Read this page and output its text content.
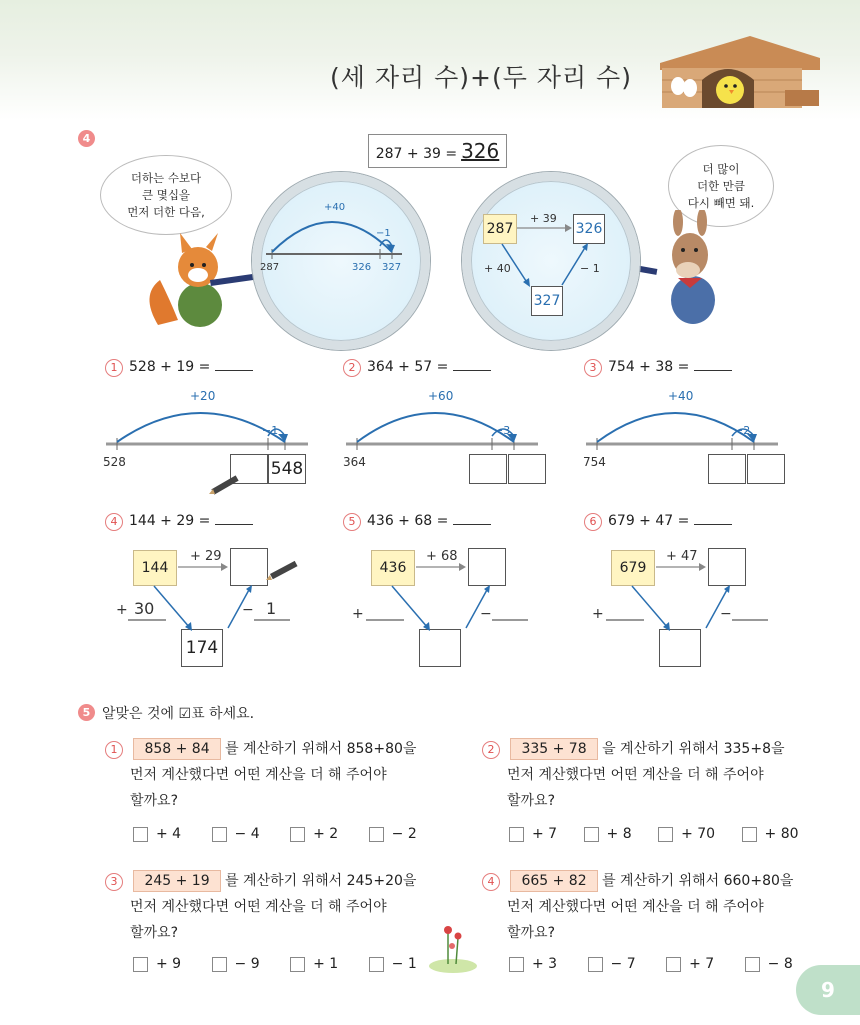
(세 자리 수)+(두 자리 수)
4
287 + 39 = 326
더하는 수보다
큰 몇십을
먼저 더한 다음,
더 많이
더한 만큼
다시 빼면 돼.
+40
−1
287	326 327
287	326
327
+ 39
+ 40	− 1
1 528 + 19 =	2 364 + 57 =	3 754 + 38 =
+20
−1
528	548
+60
−3
364
+40
−2
754
4 144 + 29 =	5 436 + 68 =	6 679 + 47 =
144
174
+ 29
+ 30	− 1
436
+ 68
+	−
679
+ 47
+	−
5 알맞은 것에 ☑표 하세요.
1 858 + 84 를 계산하기 위해서 858+80을
먼저 계산했다면 어떤 계산을 더 해 주어야
할까요?
+ 4	− 4	+ 2	− 2
2 335 + 78 을 계산하기 위해서 335+8을
먼저 계산했다면 어떤 계산을 더 해 주어야
할까요?
+ 7	+ 8	+ 70	+ 80
3 245 + 19 를 계산하기 위해서 245+20을
먼저 계산했다면 어떤 계산을 더 해 주어야
할까요?
+ 9	− 9	+ 1	− 1
4 665 + 82 를 계산하기 위해서 660+80을
먼저 계산했다면 어떤 계산을 더 해 주어야
할까요?
+ 3	− 7	+ 7	− 8
9
